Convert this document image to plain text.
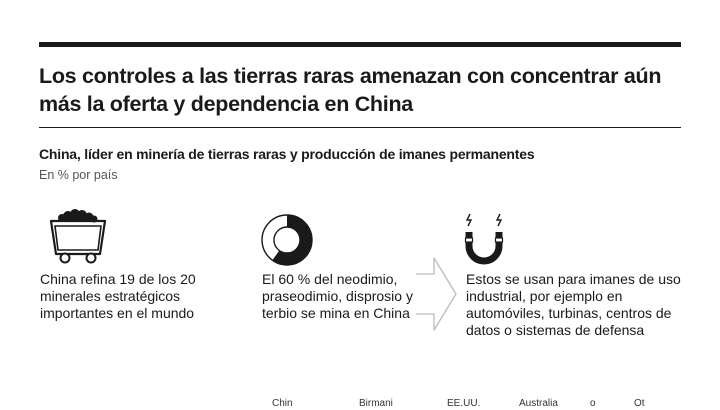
Los controles a las tierras raras amenazan con concentrar aún más la oferta y dependencia en China
China, líder en minería de tierras raras y producción de imanes permanentes

En % por país

China refina 19 de los 20 minerales estratégicos
importantes en el mundo

El 60 % del neodimio, praseodimio, disprosio y terbio se mina en China

Estos se usan para imanes de uso industrial, por ejemplo en automóviles, turbinas, centros de datos o sistemas de defensa

Chin	Birmani	EE.UU.	Australia	o	Ot
